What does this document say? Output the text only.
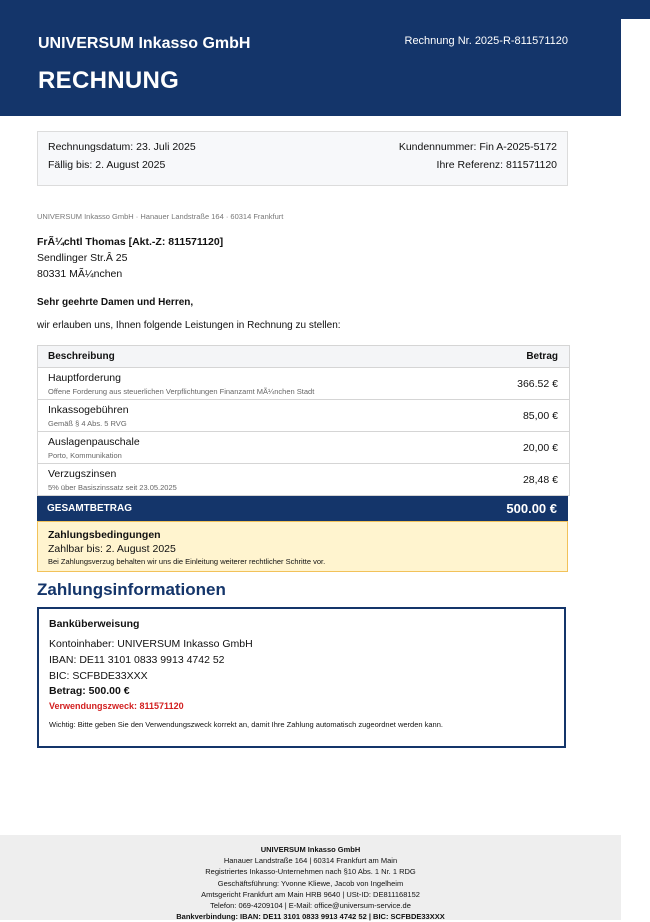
UNIVERSUM Inkasso GmbH
RECHNUNG
Rechnung Nr. 2025-R-811571120
Rechnungsdatum: 23. Juli 2025
Fällig bis: 2. August 2025
Kundennummer: Fin A-2025-5172
Ihre Referenz: 811571120
UNIVERSUM Inkasso GmbH · Hanauer Landstraße 164 · 60314 Frankfurt
FrÃ¼chtl Thomas [Akt.-Z: 811571120]
Sendlinger Str.Â 25
80331 MÃ¼nchen
Sehr geehrte Damen und Herren,
wir erlauben uns, Ihnen folgende Leistungen in Rechnung zu stellen:
Beschreibung	Betrag
Hauptforderung
Offene Forderung aus steuerlichen Verpflichtungen Finanzamt MÃ¼nchen Stadt
366.52 €
Inkassogebühren
Gemäß § 4 Abs. 5 RVG
85,00 €
Auslagenpauschale
Porto, Kommunikation
20,00 €
Verzugszinsen
5% über Basiszinssatz seit 23.05.2025
28,48 €
GESAMTBETRAG	500.00 €
Zahlungsbedingungen
Zahlbar bis: 2. August 2025
Bei Zahlungsverzug behalten wir uns die Einleitung weiterer rechtlicher Schritte vor.
Zahlungsinformationen
Banküberweisung
Kontoinhaber: UNIVERSUM Inkasso GmbH
IBAN: DE11 3101 0833 9913 4742 52
BIC: SCFBDE33XXX
Betrag: 500.00 €
Verwendungszweck: 811571120
Wichtig: Bitte geben Sie den Verwendungszweck korrekt an, damit Ihre Zahlung automatisch zugeordnet werden kann.
UNIVERSUM Inkasso GmbH
Hanauer Landstraße 164 | 60314 Frankfurt am Main
Registriertes Inkasso-Unternehmen nach §10 Abs. 1 Nr. 1 RDG
Geschäftsführung: Yvonne Kliewe, Jacob von Ingelheim
Amtsgericht Frankfurt am Main HRB 9640 | USt-ID: DE811168152
Telefon: 069-4209104 | E-Mail: office@universum-service.de
Bankverbindung: IBAN: DE11 3101 0833 9913 4742 52 | BIC: SCFBDE33XXX
